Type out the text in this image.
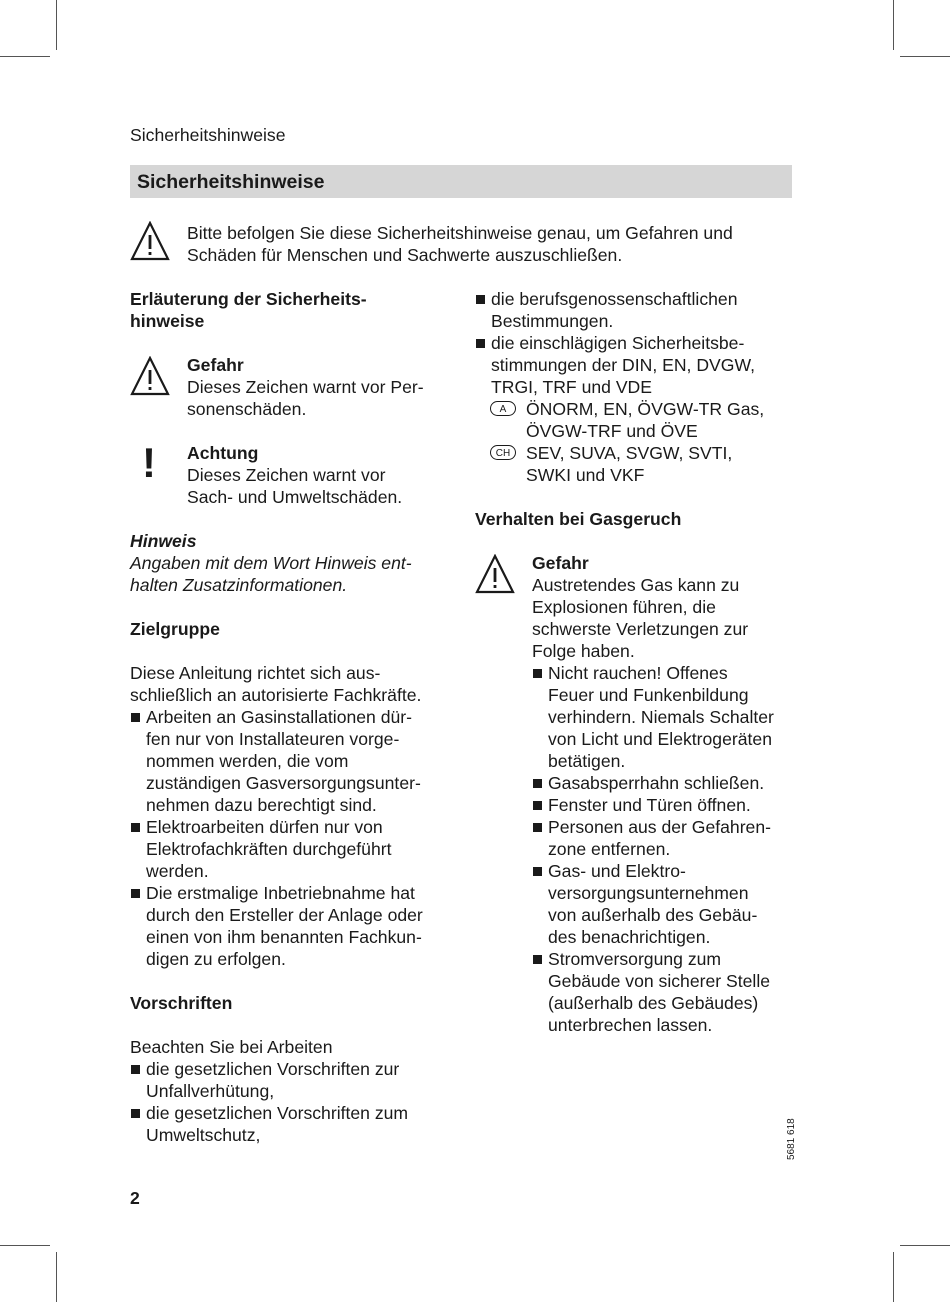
Sicherheitshinweise
Sicherheitshinweise
Bitte befolgen Sie diese Sicherheitshinweise genau, um Gefahren und Schäden für Menschen und Sachwerte auszuschließen.

Erläuterung der Sicherheits-
hinweise

Gefahr

Dieses Zeichen warnt vor Per-
sonenschäden.

! Achtung

Dieses Zeichen warnt vor
Sach- und Umweltschäden.

Hinweis

Angaben mit dem Wort Hinweis ent-
halten Zusatzinformationen.

Zielgruppe

Diese Anleitung richtet sich aus-
schließlich an autorisierte Fachkräfte.

Arbeiten an Gasinstallationen dür-
fen nur von Installateuren vorge-
nommen werden, die vom
zuständigen Gasversorgungsunter-
nehmen dazu berechtigt sind.
Elektroarbeiten dürfen nur von
Elektrofachkräften durchgeführt
werden.
Die erstmalige Inbetriebnahme hat
durch den Ersteller der Anlage oder
einen von ihm benannten Fachkun-
digen zu erfolgen.

Vorschriften

Beachten Sie bei Arbeiten

die gesetzlichen Vorschriften zur
Unfallverhütung,
die gesetzlichen Vorschriften zum
Umweltschutz,
die berufsgenossenschaftlichen
Bestimmungen.
die einschlägigen Sicherheitsbe-
stimmungen der DIN, EN, DVGW,
TRGI, TRF und VDE
A	ÖNORM, EN, ÖVGW-TR Gas,
ÖVGW-TRF und ÖVE
CH SEV, SUVA, SVGW, SVTI,
SWKI und VKF

Verhalten bei Gasgeruch

Gefahr

Austretendes Gas kann zu
Explosionen führen, die
schwerste Verletzungen zur
Folge haben.

Nicht rauchen! Offenes
Feuer und Funkenbildung
verhindern. Niemals Schalter
von Licht und Elektrogeräten
betätigen.
Gasabsperrhahn schließen.
Fenster und Türen öffnen.
Personen aus der Gefahren-
zone entfernen.
Gas- und Elektro-
versorgungsunternehmen
von außerhalb des Gebäu-
des benachrichtigen.
Stromversorgung zum
Gebäude von sicherer Stelle
(außerhalb des Gebäudes)
unterbrechen lassen.
5681 618
2
